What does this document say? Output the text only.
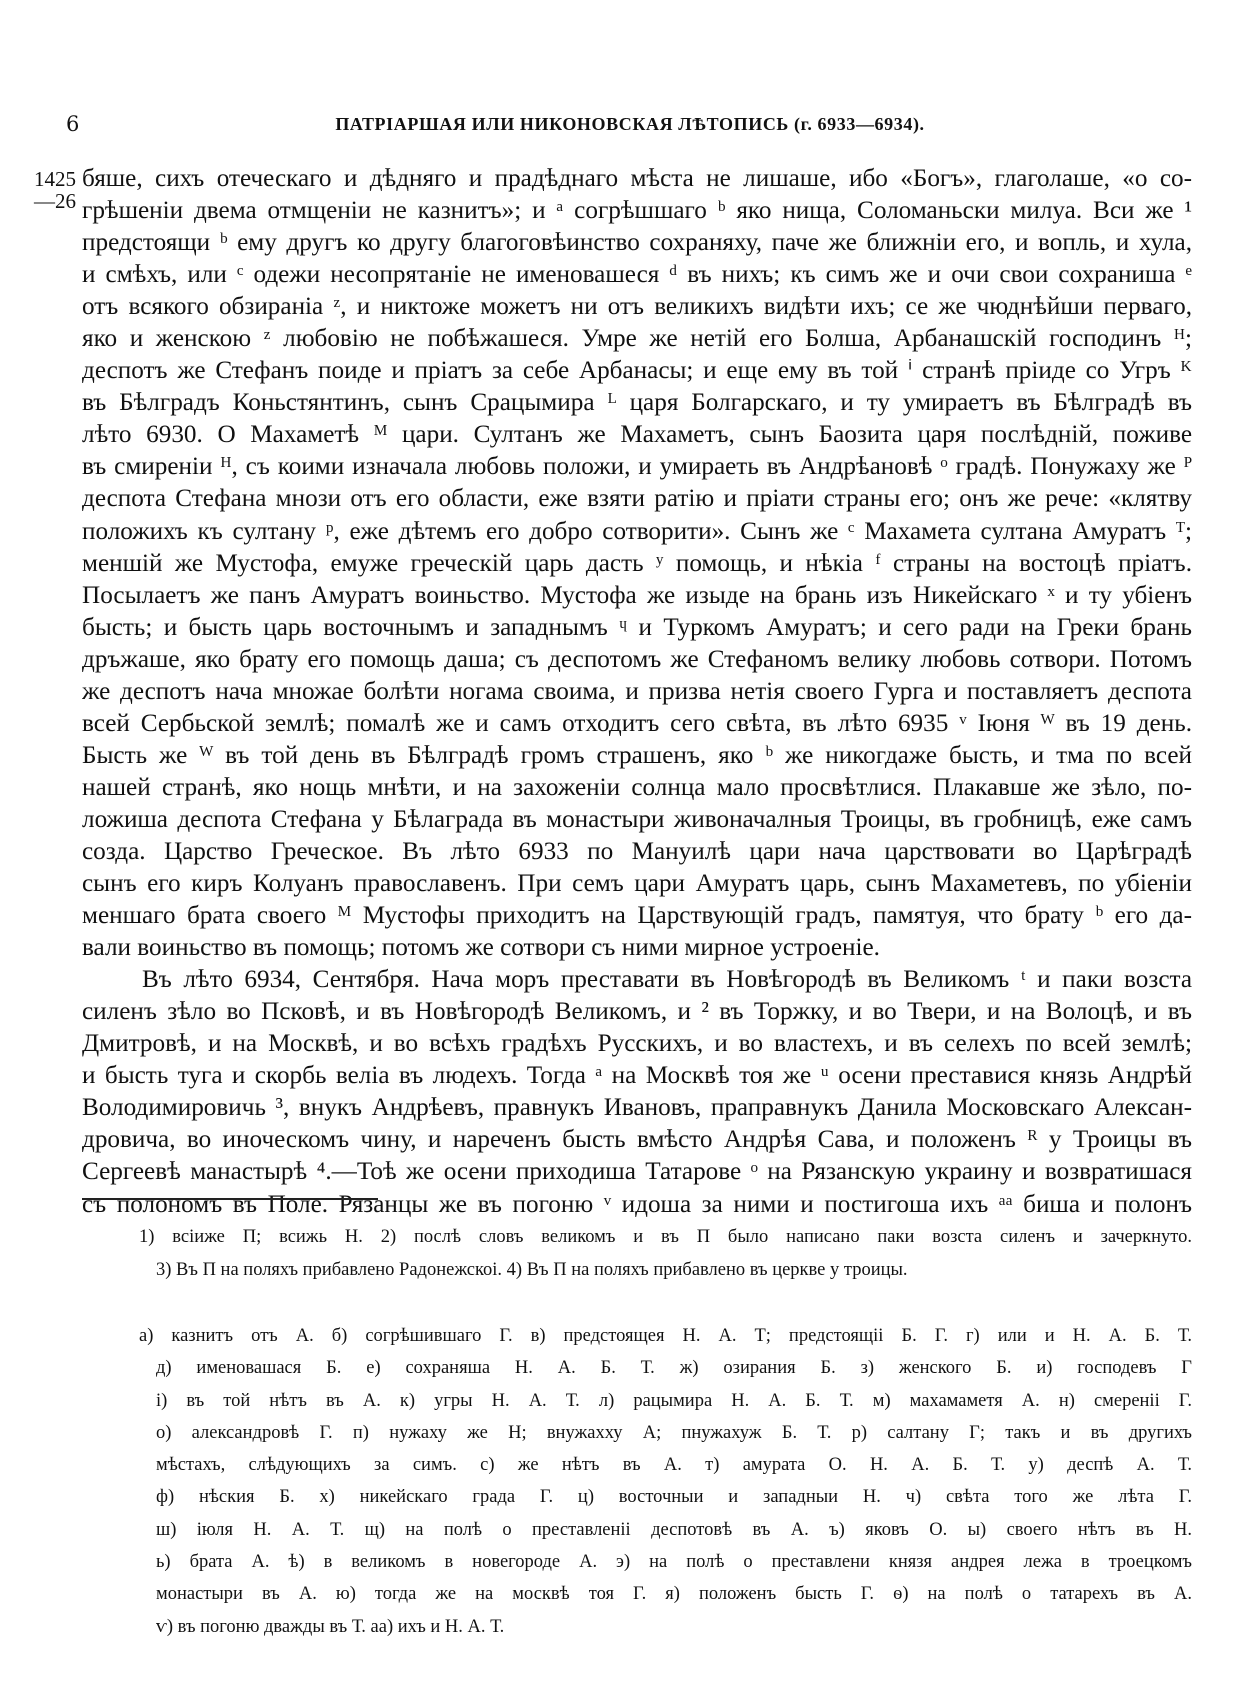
6	ПАТРІАРШАЯ ИЛИ НИКОНОВСКАЯ ЛѢТОПИСЬ (г. 6933—6934).
1425
—26
бяше, сихъ отеческаго и дѣдняго и прадѣднаго мѣста не лишаше, ибо «Богъ», глаголаше, «о со-
грѣшеніи двема отмщеніи не казнитъ»; и ᵃ согрѣшшаго ᵇ яко нища, Соломаньски милуа. Вси же ¹
предстоящи ᵇ ему другъ ко другу благоговѣинство сохраняху, паче же ближніи его, и вопль, и хула,
и смѣхъ, или ᶜ одежи несопрятаніе не именовашеся ᵈ въ нихъ; къ симъ же и очи свои сохраниша ᵉ
отъ всякого обзираніа ᶻ, и никтоже можетъ ни отъ великихъ видѣти ихъ; се же чюднѣйши перваго,
яко и женскою ᶻ любовію не побѣжашеся. Умре же нетій его Болша, Арбанашскій господинъ ᴴ;
деспотъ же Стефанъ поиде и пріатъ за себе Арбанасы; и еще ему въ той ⁱ странѣ пріиде со Угръ ᴷ
въ Бѣлградъ Коньстянтинъ, сынъ Срацымира ᴸ царя Болгарскаго, и ту умираетъ въ Бѣлградѣ въ
лѣто 6930. О Махаметѣ ᴹ цари. Султанъ же Махаметъ, сынъ Баозита царя послѣдній, поживе
въ смиреніи ᴴ, съ коими изначала любовь положи, и умираеть въ Андрѣановѣ ᵒ градѣ. Понужаху же ᴾ
деспота Стефана мнози отъ его области, еже взяти ратію и пріати страны его; онъ же рече: «клятву
положихъ къ султану ᵖ, еже дѣтемъ его добро сотворити». Сынъ же ᶜ Махамета султана Амуратъ ᵀ;
меншій же Мустофа, емуже греческій царь дасть ʸ помощь, и нѣкіа ᶠ страны на востоцѣ пріатъ.
Посылаетъ же панъ Амуратъ воиньство. Мустофа же изыде на брань изъ Никейскаго ˣ и ту убіенъ
бысть; и бысть царь восточнымъ и западнымъ ᶣ и Туркомъ Амуратъ; и сего ради на Греки брань
дръжаше, яко брату его помощь даша; съ деспотомъ же Стефаномъ велику любовь сотвори. Потомъ
же деспотъ нача множае болѣти ногама своима, и призва нетія своего Гурга и поставляетъ деспота
всей Сербьской землѣ; помалѣ же и самъ отходитъ сего свѣта, въ лѣто 6935 ᵛ Іюня ᵂ въ 19 день.
Бысть же ᵂ въ той день въ Бѣлградѣ громъ страшенъ, яко ᵇ же никогдаже бысть, и тма по всей
нашей странѣ, яко нощь мнѣти, и на захоженіи солнца мало просвѣтлися. Плакавше же зѣло, по-
ложиша деспота Стефана у Бѣлаграда въ монастыри живоначалныя Троицы, въ гробницѣ, еже самъ
созда. Царство Греческое. Въ лѣто 6933 по Мануилѣ цари нача царствовати во Царѣградѣ
сынъ его киръ Колуанъ православенъ. При семъ цари Амуратъ царь, сынъ Махаметевъ, по убіеніи
меншаго брата своего ᴹ Мустофы приходитъ на Царствующій градъ, памятуя, что брату ᵇ его да-
вали воиньство въ помощь; потомъ же сотвори съ ними мирное устроеніе.
Въ лѣто 6934, Сентября. Нача моръ преставати въ Новѣгородѣ въ Великомъ ᵗ и паки возста
силенъ зѣло во Псковѣ, и въ Новѣгородѣ Великомъ, и ² въ Торжку, и во Твери, и на Волоцѣ, и въ
Дмитровѣ, и на Москвѣ, и во всѣхъ градѣхъ Русскихъ, и во властехъ, и въ селехъ по всей землѣ;
и бысть туга и скорбь веліа въ людехъ. Тогда ᵃ на Москвѣ тоя же ᵘ осени преставися князь Андрѣй
Володимировичь ³, внукъ Андрѣевъ, правнукъ Ивановъ, праправнукъ Данила Московскаго Алексан-
дровича, во иноческомъ чину, и нареченъ бысть вмѣсто Андрѣя Сава, и положенъ ᴿ у Троицы въ
Сергеевѣ манастырѣ ⁴.—Тоѣ же осени приходиша Татарове ᵒ на Рязанскую украину и возвратишася
съ полономъ въ Поле. Рязанцы же въ погоню ᵛ идоша за ними и постигоша ихъ ᵃᵃ биша и полонъ
1) всіиже П; всижь Н. 2) послѣ словъ великомъ и въ П было написано паки возста силенъ и зачеркнуто.
3) Въ П на поляхъ прибавлено Радонежскоі. 4) Въ П на поляхъ прибавлено въ церкве у троицы.
а) казнитъ отъ А. б) согрѣшившаго Г. в) предстоящея Н. А. Т; предстоящіі Б. Г. г) или и Н. А. Б. Т.
д) именовашася Б. е) сохраняша Н. А. Б. Т. ж) озирания Б. з) женского Б. и) господевъ Г
і) въ той нѣтъ въ А. к) угры Н. А. Т. л) рацымира Н. А. Б. Т. м) махамаметя А. н) смереніі Г.
о) александровѣ Г. п) нужаху же Н; внужахху А; пнужахуж Б. Т. р) салтану Г; такъ и въ другихъ
мѣстахъ, слѣдующихъ за симъ. с) же нѣтъ въ А. т) амурата О. Н. А. Б. Т. у) деспѣ А. Т.
ф) нѣския Б. х) никейскаго града Г. ц) восточныи и западныи Н. ч) свѣта того же лѣта Г.
ш) іюля Н. А. Т. щ) на полѣ о преставленіі деспотовѣ въ А. ъ) яковъ О. ы) своего нѣтъ въ Н.
ь) брата А. ѣ) в великомъ в новегороде А. э) на полѣ о преставлени князя андрея лежа в троецкомъ
монастыри въ А. ю) тогда же на москвѣ тоя Г. я) положенъ бысть Г. ѳ) на полѣ о татарехъ въ А.
ѵ) въ погоню дважды въ Т. аа) ихъ и Н. А. Т.
